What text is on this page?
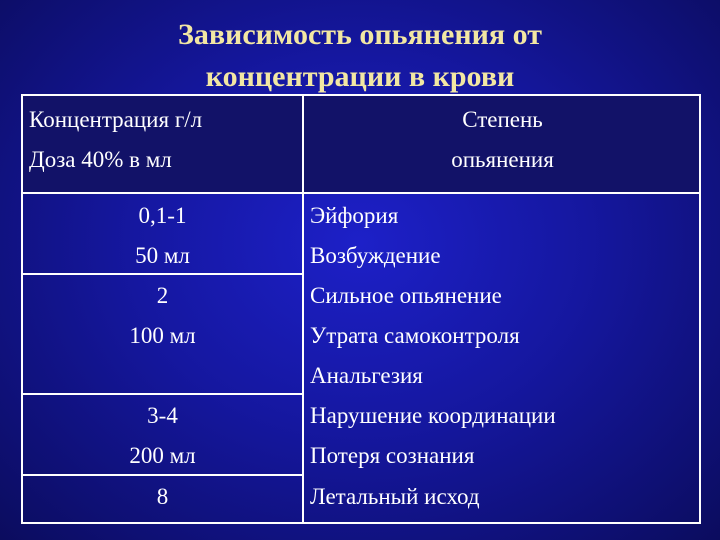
Зависимость опьянения от
концентрации в крови
Концентрация г/л
Доза 40% в мл
Степень
опьянения
0,1-1
50 мл
2
100 мл
3-4
200 мл
8
Эйфория
Возбуждение
Сильное опьянение
Утрата самоконтроля
Анальгезия
Нарушение координации
Потеря сознания
Летальный исход
